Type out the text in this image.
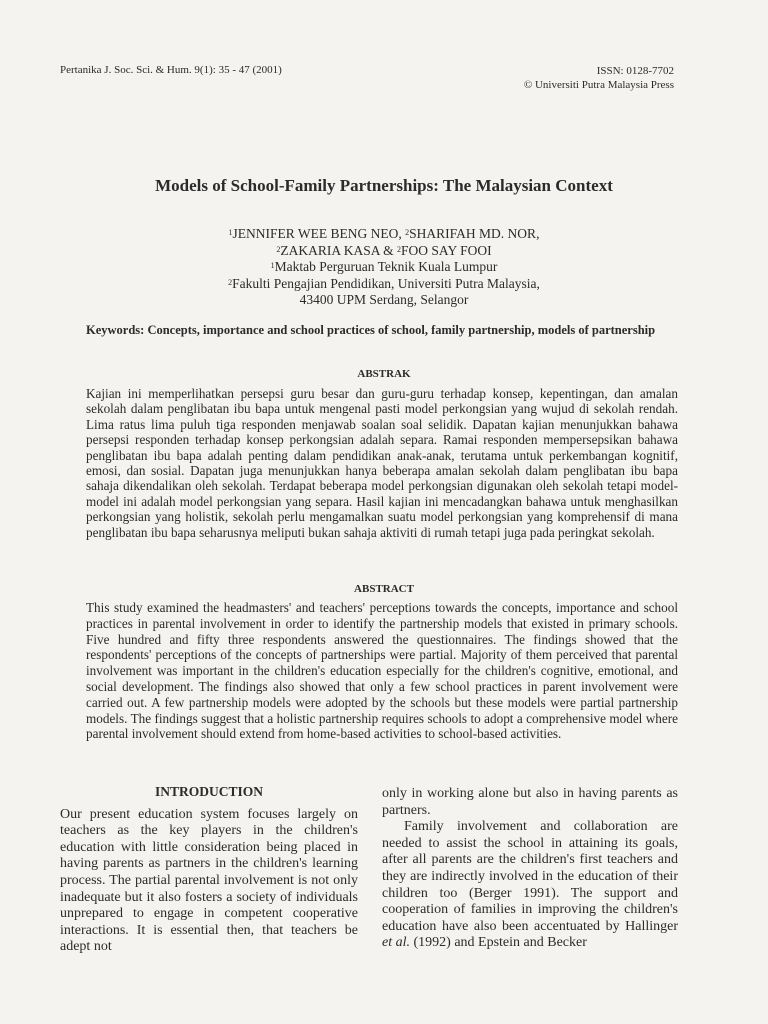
Pertanika J. Soc. Sci. & Hum. 9(1): 35 - 47 (2001)	ISSN: 0128-7702
© Universiti Putra Malaysia Press
Models of School-Family Partnerships: The Malaysian Context
$^1$JENNIFER WEE BENG NEO, $^2$SHARIFAH MD. NOR,
$^2$ZAKARIA KASA & $^2$FOO SAY FOOI
$^1$Maktab Perguruan Teknik Kuala Lumpur
$^2$Fakulti Pengajian Pendidikan, Universiti Putra Malaysia,
43400 UPM Serdang, Selangor
Keywords: Concepts, importance and school practices of school, family partnership, models of partnership
ABSTRAK

Kajian ini memperlihatkan persepsi guru besar dan guru-guru terhadap konsep, kepentingan, dan amalan sekolah dalam penglibatan ibu bapa untuk mengenal pasti model perkongsian yang wujud di sekolah rendah. Lima ratus lima puluh tiga responden menjawab soalan soal selidik. Dapatan kajian menunjukkan bahawa persepsi responden terhadap konsep perkongsian adalah separa. Ramai responden mempersepsikan bahawa penglibatan ibu bapa adalah penting dalam pendidikan anak-anak, terutama untuk perkembangan kognitif, emosi, dan sosial. Dapatan juga menunjukkan hanya beberapa amalan sekolah dalam penglibatan ibu bapa sahaja dikendalikan oleh sekolah. Terdapat beberapa model perkongsian digunakan oleh sekolah tetapi model-model ini adalah model perkongsian yang separa. Hasil kajian ini mencadangkan bahawa untuk menghasilkan perkongsian yang holistik, sekolah perlu mengamalkan suatu model perkongsian yang komprehensif di mana penglibatan ibu bapa seharusnya meliputi bukan sahaja aktiviti di rumah tetapi juga pada peringkat sekolah.

ABSTRACT

This study examined the headmasters' and teachers' perceptions towards the concepts, importance and school practices in parental involvement in order to identify the partnership models that existed in primary schools. Five hundred and fifty three respondents answered the questionnaires. The findings showed that the respondents' perceptions of the concepts of partnerships were partial. Majority of them perceived that parental involvement was important in the children's education especially for the children's cognitive, emotional, and social development. The findings also showed that only a few school practices in parent involvement were carried out. A few partnership models were adopted by the schools but these models were partial partnership models. The findings suggest that a holistic partnership requires schools to adopt a comprehensive model where parental involvement should extend from home-based activities to school-based activities.

INTRODUCTION

Our present education system focuses largely on teachers as the key players in the children's education with little consideration being placed in having parents as partners in the children's learning process. The partial parental involvement is not only inadequate but it also fosters a society of individuals unprepared to engage in competent cooperative interactions. It is essential then, that teachers be adept not

only in working alone but also in having parents as partners.

Family involvement and collaboration are needed to assist the school in attaining its goals, after all parents are the children's first teachers and they are indirectly involved in the education of their children too (Berger 1991). The support and cooperation of families in improving the children's education have also been accentuated by Hallinger et al. (1992) and Epstein and Becker
